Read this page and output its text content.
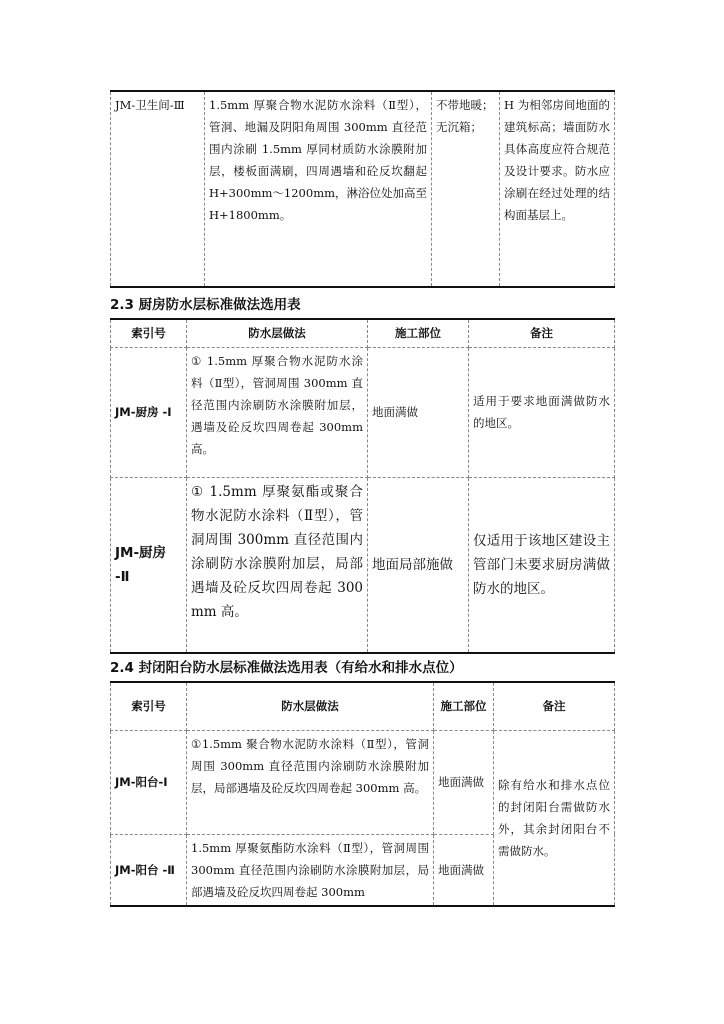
JM-卫生间-Ⅲ	1.5mm 厚聚合物水泥防水涂料（Ⅱ型），管洞、地漏及阴阳角周围 300mm 直径范围内涂刷 1.5mm 厚同材质防水涂膜附加层，楼板面满刷，四周遇墙和砼反坎翻起 H+300mm～1200mm，淋浴位处加高至 H+1800mm。	不带地暖；无沉箱；	H 为相邻房间地面的建筑标高；墙面防水具体高度应符合规范及设计要求。防水应涂刷在经过处理的结构面基层上。
2.3 厨房防水层标准做法选用表
索引号	防水层做法	施工部位	备注
JM-厨房 -Ⅰ	① 1.5mm 厚聚合物水泥防水涂料（Ⅱ型），管洞周围 300mm 直径范围内涂刷防水涂膜附加层，遇墙及砼反坎四周卷起 300mm 高。	地面满做	适用于要求地面满做防水的地区。
JM-厨房 -Ⅱ	① 1.5mm 厚聚氨酯或聚合物水泥防水涂料（Ⅱ型），管洞周围 300mm 直径范围内涂刷防水涂膜附加层，局部遇墙及砼反坎四周卷起 300mm 高。	地面局部施做	仅适用于该地区建设主管部门未要求厨房满做防水的地区。
2.4 封闭阳台防水层标准做法选用表（有给水和排水点位）
索引号	防水层做法	施工部位	备注
JM-阳台-Ⅰ	①1.5mm 聚合物水泥防水涂料（Ⅱ型），管洞周围 300mm 直径范围内涂刷防水涂膜附加层，局部遇墙及砼反坎四周卷起 300mm 高。	地面满做	除有给水和排水点位的封闭阳台需做防水外，其余封闭阳台不需做防水。
JM-阳台 -Ⅱ	1.5mm 厚聚氨酯防水涂料（Ⅱ型），管洞周围 300mm 直径范围内涂刷防水涂膜附加层，局部遇墙及砼反坎四周卷起 300mm	地面满做	
